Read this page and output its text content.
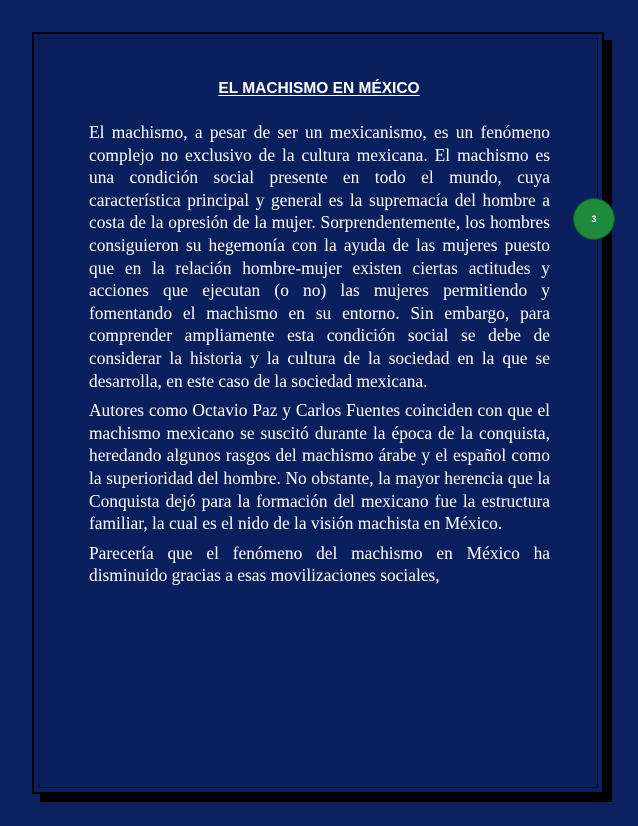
3
EL MACHISMO EN MÉXICO

El machismo, a pesar de ser un mexicanismo, es un fenómeno complejo no exclusivo de la cultura mexicana. El machismo es una condición social presente en todo el mundo, cuya característica principal y general es la supremacía del hombre a costa de la opresión de la mujer. Sorprendentemente, los hombres consiguieron su hegemonía con la ayuda de las mujeres puesto que en la relación hombre-mujer existen ciertas actitudes y acciones que ejecutan (o no) las mujeres permitiendo y fomentando el machismo en su entorno. Sin embargo, para comprender ampliamente esta condición social se debe de considerar la historia y la cultura de la sociedad en la que se desarrolla, en este caso de la sociedad mexicana.

Autores como Octavio Paz y Carlos Fuentes coinciden con que el machismo mexicano se suscitó durante la época de la conquista, heredando algunos rasgos del machismo árabe y el español como la superioridad del hombre. No obstante, la mayor herencia que la Conquista dejó para la formación del mexicano fue la estructura familiar, la cual es el nido de la visión machista en México.

Parecería que el fenómeno del machismo en México ha disminuido gracias a esas movilizaciones sociales,
